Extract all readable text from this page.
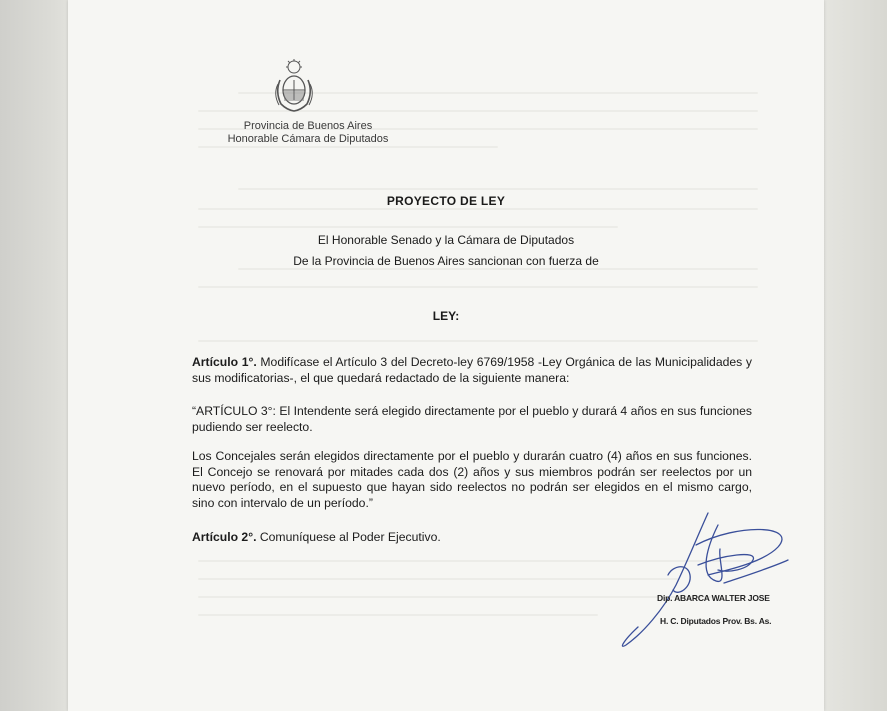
Provincia de Buenos Aires
Honorable Cámara de Diputados
PROYECTO DE LEY
El Honorable Senado y la Cámara de Diputados
De la Provincia de Buenos Aires sancionan con fuerza de
LEY:
Artículo 1°. Modifícase el Artículo 3 del Decreto-ley 6769/1958 -Ley Orgánica de las Municipalidades y sus modificatorias-, el que quedará redactado de la siguiente manera:
“ARTÍCULO 3°: El Intendente será elegido directamente por el pueblo y durará 4 años en sus funciones pudiendo ser reelecto.
Los Concejales serán elegidos directamente por el pueblo y durarán cuatro (4) años en sus funciones. El Concejo se renovará por mitades cada dos (2) años y sus miembros podrán ser reelectos por un nuevo período, en el supuesto que hayan sido reelectos no podrán ser elegidos en el mismo cargo, sino con intervalo de un período.”
Artículo 2°. Comuníquese al Poder Ejecutivo.
Dip. ABARCA WALTER JOSE
H. C. Diputados Prov. Bs. As.
